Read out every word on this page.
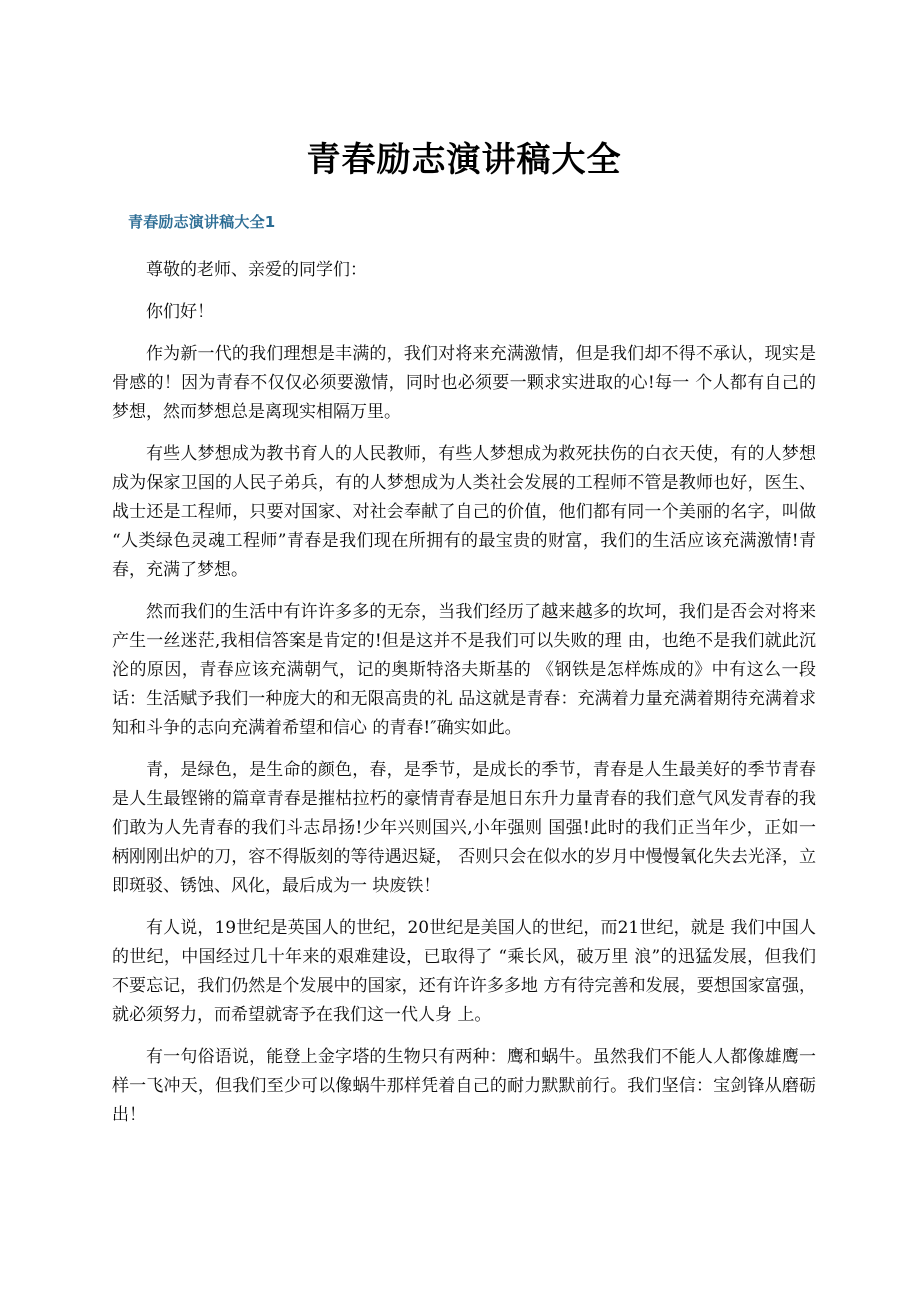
青春励志演讲稿大全
青春励志演讲稿大全1

尊敬的老师、亲爱的同学们：

你们好！

作为新一代的我们理想是丰满的，我们对将来充满激情，但是我们却不得不承认，现实是骨感的！因为青春不仅仅必须要激情，同时也必须要一颗求实进取的心!每一 个人都有自己的梦想，然而梦想总是离现实相隔万里。

有些人梦想成为教书育人的人民教师，有些人梦想成为救死扶伤的白衣天使，有的人梦想成为保家卫国的人民子弟兵，有的人梦想成为人类社会发展的工程师不管是教师也好，医生、战士还是工程师，只要对国家、对社会奉献了自己的价值，他们都有同一个美丽的名字，叫做“人类绿色灵魂工程师”青春是我们现在所拥有的最宝贵的财富，我们的生活应该充满激情!青春，充满了梦想。

然而我们的生活中有许许多多的无奈，当我们经历了越来越多的坎坷，我们是否会对将来产生一丝迷茫,我相信答案是肯定的!但是这并不是我们可以失败的理 由，也绝不是我们就此沉沦的原因，青春应该充满朝气，记的奥斯特洛夫斯基的 《钢铁是怎样炼成的》中有这么一段话：生活赋予我们一种庞大的和无限高贵的礼 品这就是青春：充满着力量充满着期待充满着求知和斗争的志向充满着希望和信心 的青春!″确实如此。

青，是绿色，是生命的颜色，春，是季节，是成长的季节，青春是人生最美好的季节青春是人生最铿锵的篇章青春是摧枯拉朽的豪情青春是旭日东升力量青春的我们意气风发青春的我们敢为人先青春的我们斗志昂扬!少年兴则国兴,小年强则 国强!此时的我们正当年少，正如一柄刚刚出炉的刀，容不得版刻的等待遇迟疑， 否则只会在似水的岁月中慢慢氧化失去光泽，立即斑驳、锈蚀、风化，最后成为一 块废铁！

有人说，19世纪是英国人的世纪，20世纪是美国人的世纪，而21世纪，就是 我们中国人的世纪，中国经过几十年来的艰难建设，已取得了 “乘长风，破万里 浪”的迅猛发展，但我们不要忘记，我们仍然是个发展中的国家，还有许许多多地 方有待完善和发展，要想国家富强，就必须努力，而希望就寄予在我们这一代人身 上。

有一句俗语说，能登上金字塔的生物只有两种：鹰和蜗牛。虽然我们不能人人都像雄鹰一样一飞冲天，但我们至少可以像蜗牛那样凭着自己的耐力默默前行。我们坚信：宝剑锋从磨砺出！
